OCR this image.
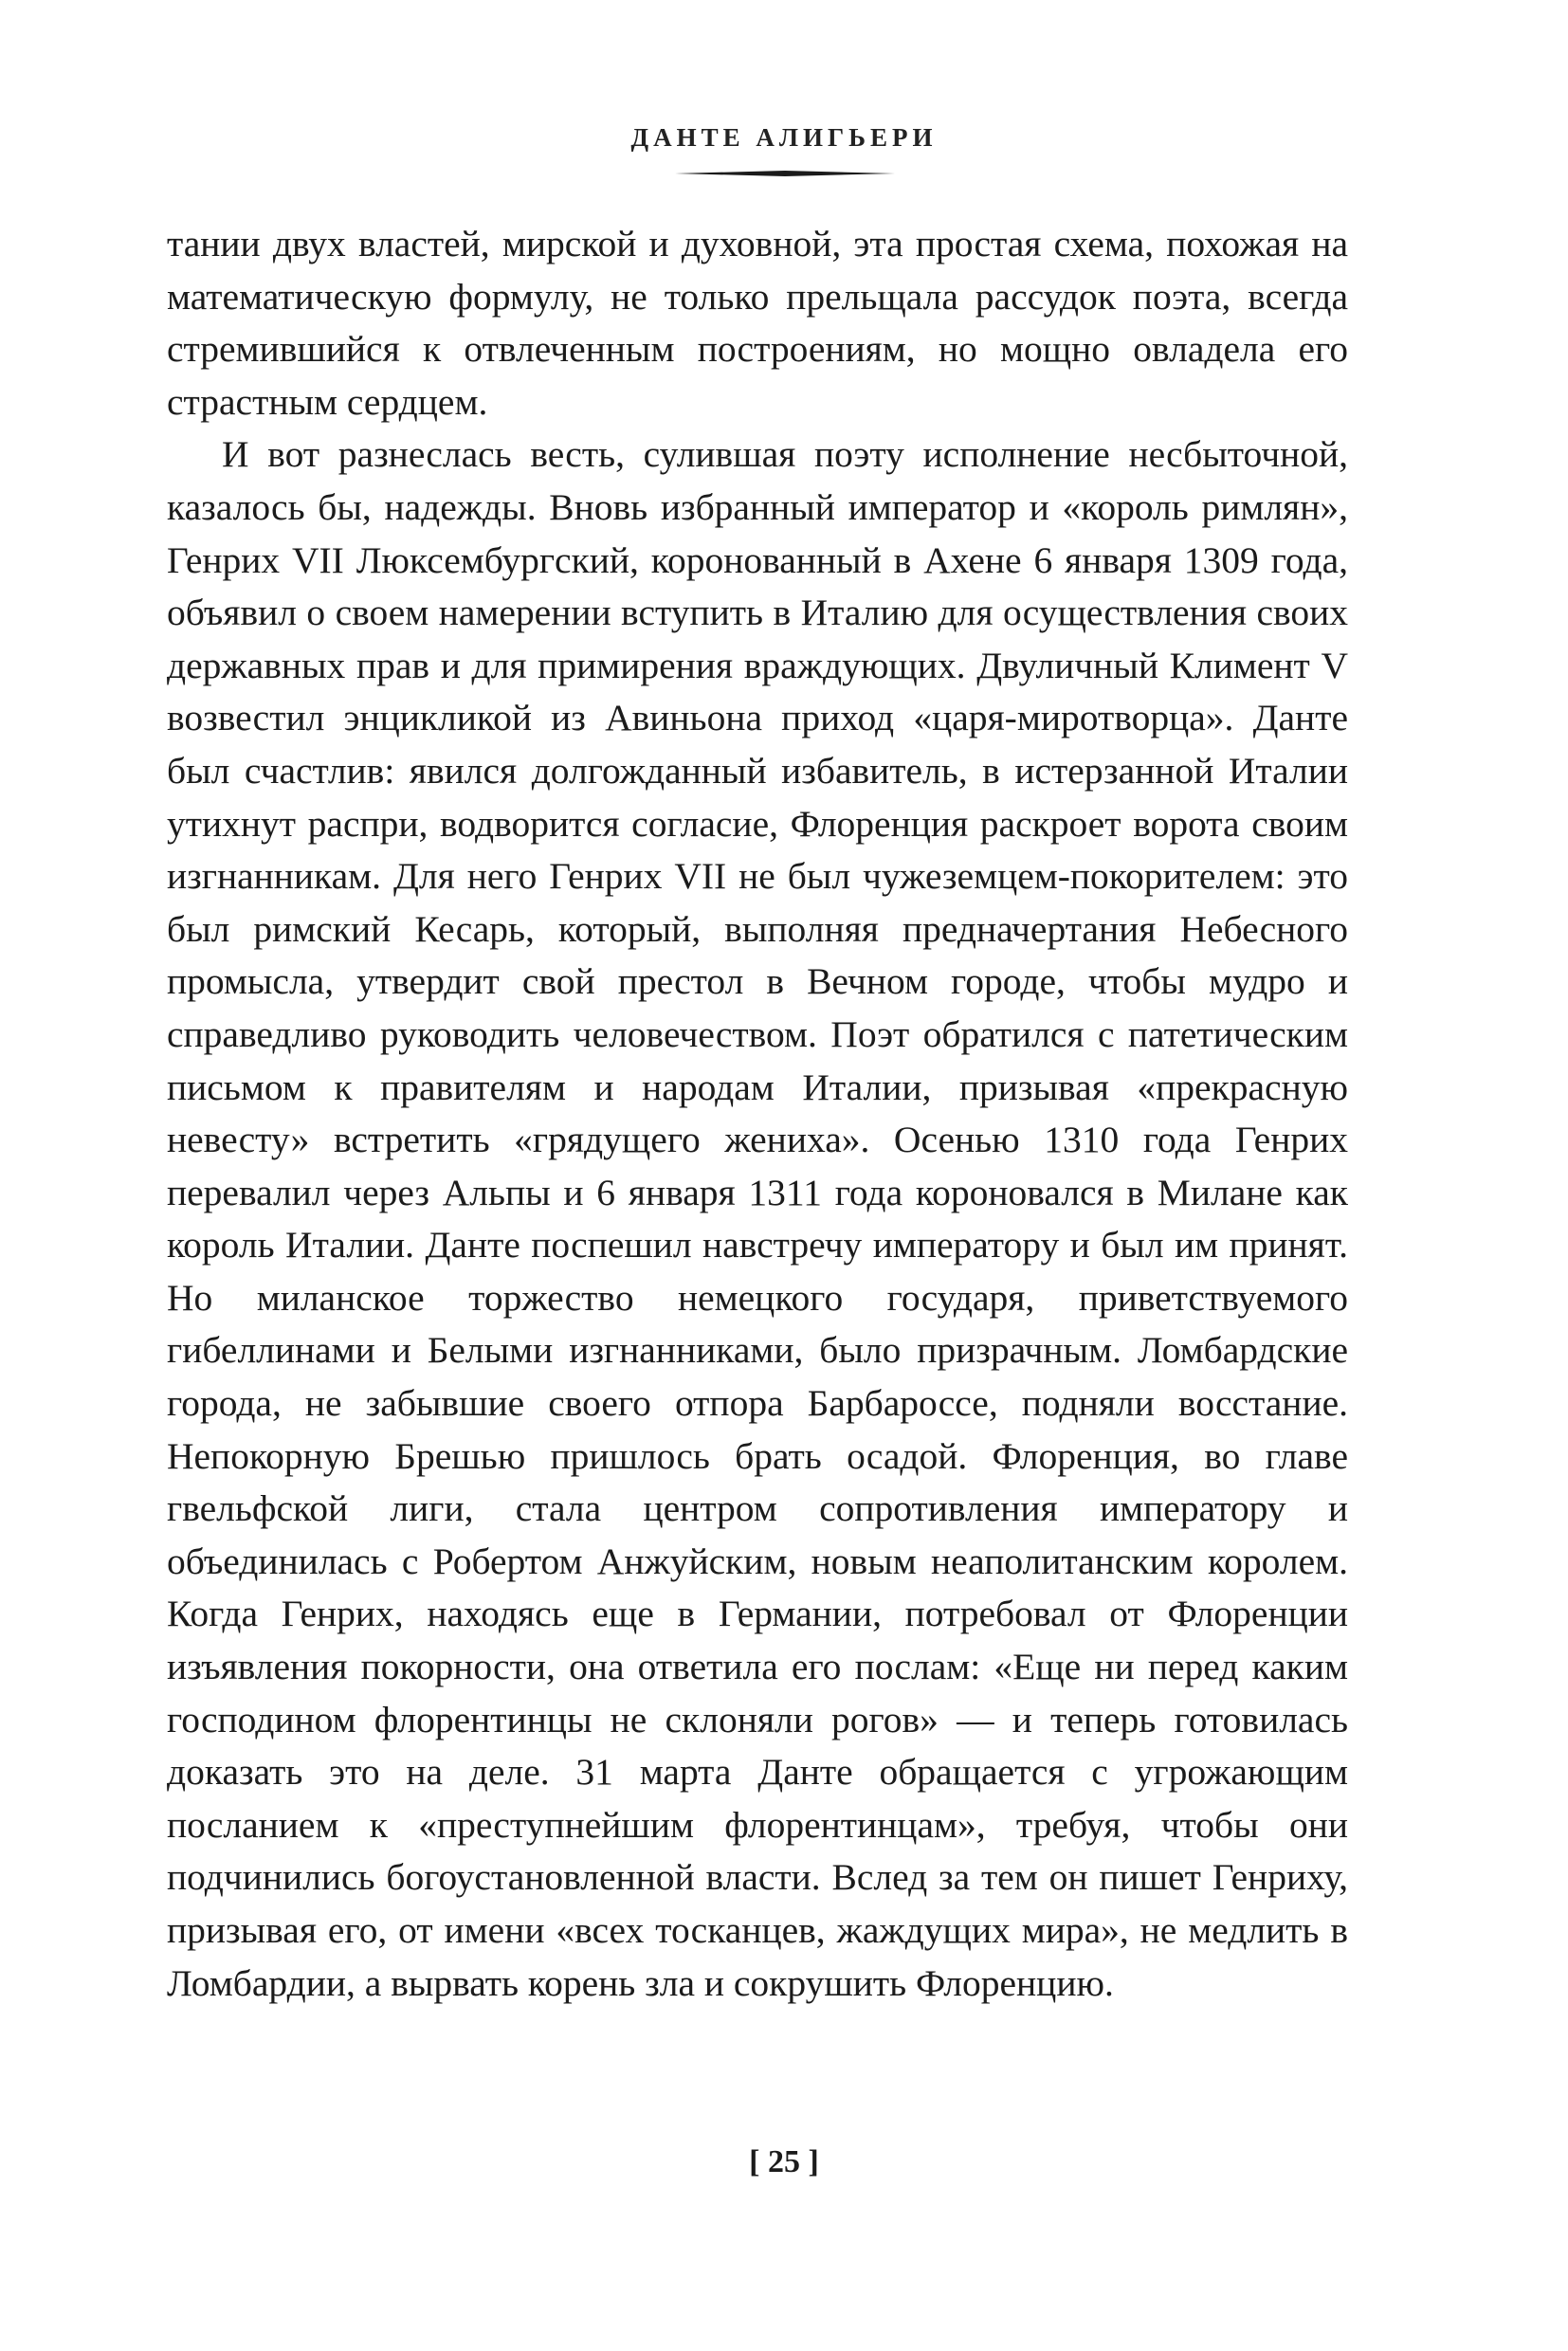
ДАНТЕ АЛИГЬЕРИ

тании двух властей, мирской и духовной, эта простая схема, похожая на математическую формулу, не только прельщала рассудок поэта, всегда стремившийся к отвлеченным построениям, но мощно овладела его страстным сердцем.

И вот разнеслась весть, сулившая поэту исполнение несбыточной, казалось бы, надежды. Вновь избранный император и «король римлян», Генрих VII Люксембургский, коронованный в Ахене 6 января 1309 года, объявил о своем намерении вступить в Италию для осуществления своих державных прав и для примирения враждующих. Двуличный Климент V возвестил энцикликой из Авиньона приход «царя-миротворца». Данте был счастлив: явился долгожданный избавитель, в истерзанной Италии утихнут распри, водворится согласие, Флоренция раскроет ворота своим изгнанникам. Для него Генрих VII не был чужеземцем-покорителем: это был римский Кесарь, который, выполняя предначертания Небесного промысла, утвердит свой престол в Вечном городе, чтобы мудро и справедливо руководить человечеством. Поэт обратился с патетическим письмом к правителям и народам Италии, призывая «прекрасную невесту» встретить «грядущего жениха». Осенью 1310 года Генрих перевалил через Альпы и 6 января 1311 года короновался в Милане как король Италии. Данте поспешил навстречу императору и был им принят. Но миланское торжество немецкого государя, приветствуемого гибеллинами и Белыми изгнанниками, было призрачным. Ломбардские города, не забывшие своего отпора Барбароссе, подняли восстание. Непокорную Брешью пришлось брать осадой. Флоренция, во главе гвельфской лиги, стала центром сопротивления императору и объединилась с Робертом Анжуйским, новым неаполитанским королем. Когда Генрих, находясь еще в Германии, потребовал от Флоренции изъявления покорности, она ответила его послам: «Еще ни перед каким господином флорентинцы не склоняли рогов» — и теперь готовилась доказать это на деле. 31 марта Данте обращается с угрожающим посланием к «преступнейшим флорентинцам», требуя, чтобы они подчинились богоустановленной власти. Вслед за тем он пишет Генриху, призывая его, от имени «всех тосканцев, жаждущих мира», не медлить в Ломбардии, а вырвать корень зла и сокрушить Флоренцию.

[ 25 ]
